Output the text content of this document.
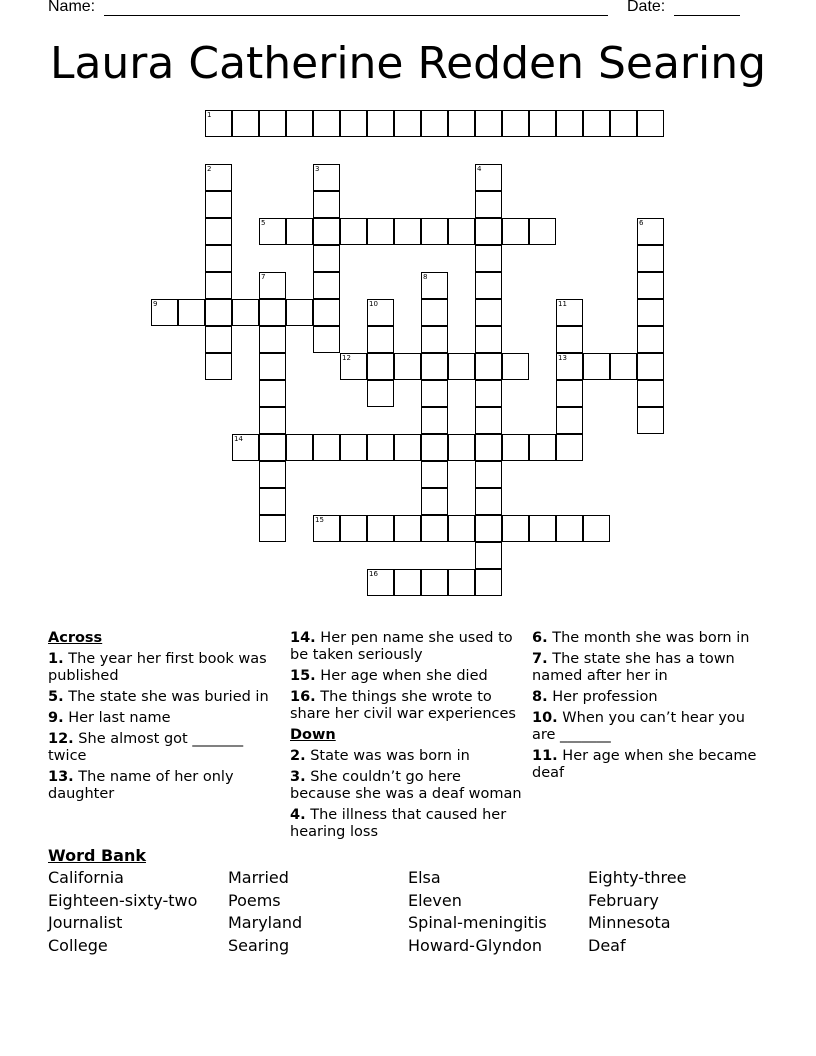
Name:	Date:
Laura Catherine Redden Searing
1
2	3	4
5	6
7	8
9	10	11
13
12
14
15
16
Across
1. The year her first book was published
5. The state she was buried in
9. Her last name
12. She almost got _______ twice
13. The name of her only daughter
14. Her pen name she used to be taken seriously
15. Her age when she died
16. The things she wrote to share her civil war experiences
Down
2. State was was born in
3. She couldn’t go here because she was a deaf woman
4. The illness that caused her hearing loss
6. The month she was born in
7. The state she has a town named after her in
8. Her profession
10. When you can’t hear you are _______
11. Her age when she became deaf
Word Bank
California	Married	Elsa	Eighty-three
Eighteen-sixty-two Poems	Eleven	February
Journalist	Maryland	Spinal-meningitis	Minnesota
College	Searing	Howard-Glyndon	Deaf
